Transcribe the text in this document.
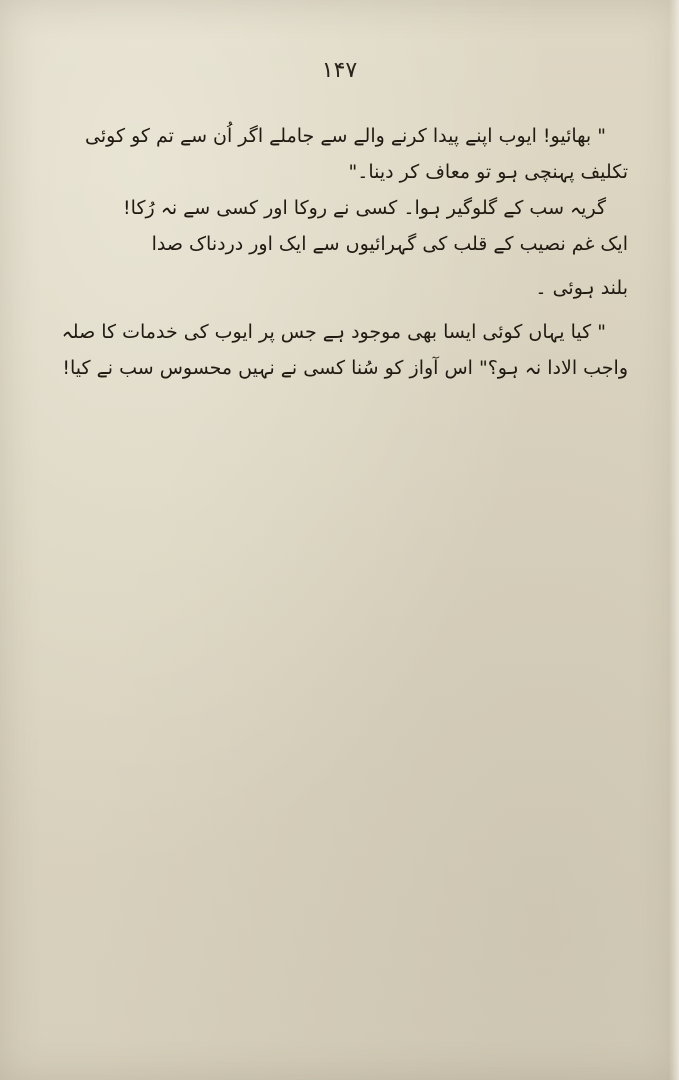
۱۴۷
" بھائیو! ایوب اپنے پیدا کرنے والے سے جاملے اگر اُن سے تم کو کوئی
تکلیف پہنچی ہو تو معاف کر دینا۔"
گریہ سب کے گلوگیر ہوا۔ کسی نے روکا اور کسی سے نہ رُکا!
ایک غم نصیب کے قلب کی گہرائیوں سے ایک اور دردناک صدا
بلند ہوئی ۔
" کیا یہاں کوئی ایسا بھی موجود ہے جس پر ایوب کی خدمات کا صلہ
واجب الادا نہ ہو؟" اس آواز کو سُنا کسی نے نہیں محسوس سب نے کیا!
